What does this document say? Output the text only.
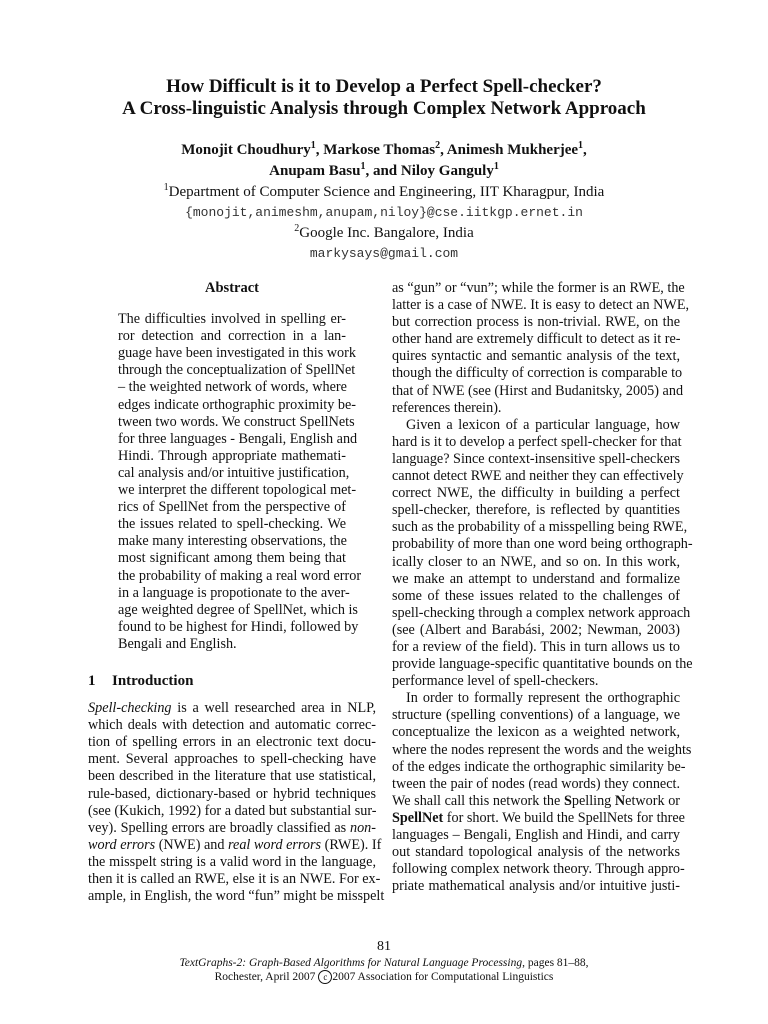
How Difficult is it to Develop a Perfect Spell-checker?
A Cross-linguistic Analysis through Complex Network Approach
Monojit Choudhury$^1$, Markose Thomas$^2$, Animesh Mukherjee$^1$,
Anupam Basu$^1$, and Niloy Ganguly$^1$
$^1$Department of Computer Science and Engineering, IIT Kharagpur, India
{monojit,animeshm,anupam,niloy}@cse.iitkgp.ernet.in
$^2$Google Inc. Bangalore, India
markysays@gmail.com
Abstract
The difficulties involved in spelling er-
ror detection and correction in a lan-
guage have been investigated in this work
through the conceptualization of SpellNet
– the weighted network of words, where
edges indicate orthographic proximity be-
tween two words. We construct SpellNets
for three languages - Bengali, English and
Hindi. Through appropriate mathemati-
cal analysis and/or intuitive justification,
we interpret the different topological met-
rics of SpellNet from the perspective of
the issues related to spell-checking. We
make many interesting observations, the
most significant among them being that
the probability of making a real word error
in a language is propotionate to the aver-
age weighted degree of SpellNet, which is
found to be highest for Hindi, followed by
Bengali and English.
1 Introduction
Spell-checking is a well researched area in NLP,
which deals with detection and automatic correc-
tion of spelling errors in an electronic text docu-
ment. Several approaches to spell-checking have
been described in the literature that use statistical,
rule-based, dictionary-based or hybrid techniques
(see (Kukich, 1992) for a dated but substantial sur-
vey). Spelling errors are broadly classified as non-
word errors (NWE) and real word errors (RWE). If
the misspelt string is a valid word in the language,
then it is called an RWE, else it is an NWE. For ex-
ample, in English, the word “fun” might be misspelt
as “gun” or “vun”; while the former is an RWE, the
latter is a case of NWE. It is easy to detect an NWE,
but correction process is non-trivial. RWE, on the
other hand are extremely difficult to detect as it re-
quires syntactic and semantic analysis of the text,
though the difficulty of correction is comparable to
that of NWE (see (Hirst and Budanitsky, 2005) and
references therein).
Given a lexicon of a particular language, how
hard is it to develop a perfect spell-checker for that
language? Since context-insensitive spell-checkers
cannot detect RWE and neither they can effectively
correct NWE, the difficulty in building a perfect
spell-checker, therefore, is reflected by quantities
such as the probability of a misspelling being RWE,
probability of more than one word being orthograph-
ically closer to an NWE, and so on. In this work,
we make an attempt to understand and formalize
some of these issues related to the challenges of
spell-checking through a complex network approach
(see (Albert and Barabási, 2002; Newman, 2003)
for a review of the field). This in turn allows us to
provide language-specific quantitative bounds on the
performance level of spell-checkers.
In order to formally represent the orthographic
structure (spelling conventions) of a language, we
conceptualize the lexicon as a weighted network,
where the nodes represent the words and the weights
of the edges indicate the orthographic similarity be-
tween the pair of nodes (read words) they connect.
We shall call this network the Spelling Network or
SpellNet for short. We build the SpellNets for three
languages – Bengali, English and Hindi, and carry
out standard topological analysis of the networks
following complex network theory. Through appro-
priate mathematical analysis and/or intuitive justi-
81
TextGraphs-2: Graph-Based Algorithms for Natural Language Processing, pages 81–88,
Rochester, April 2007 c 2007 Association for Computational Linguistics
